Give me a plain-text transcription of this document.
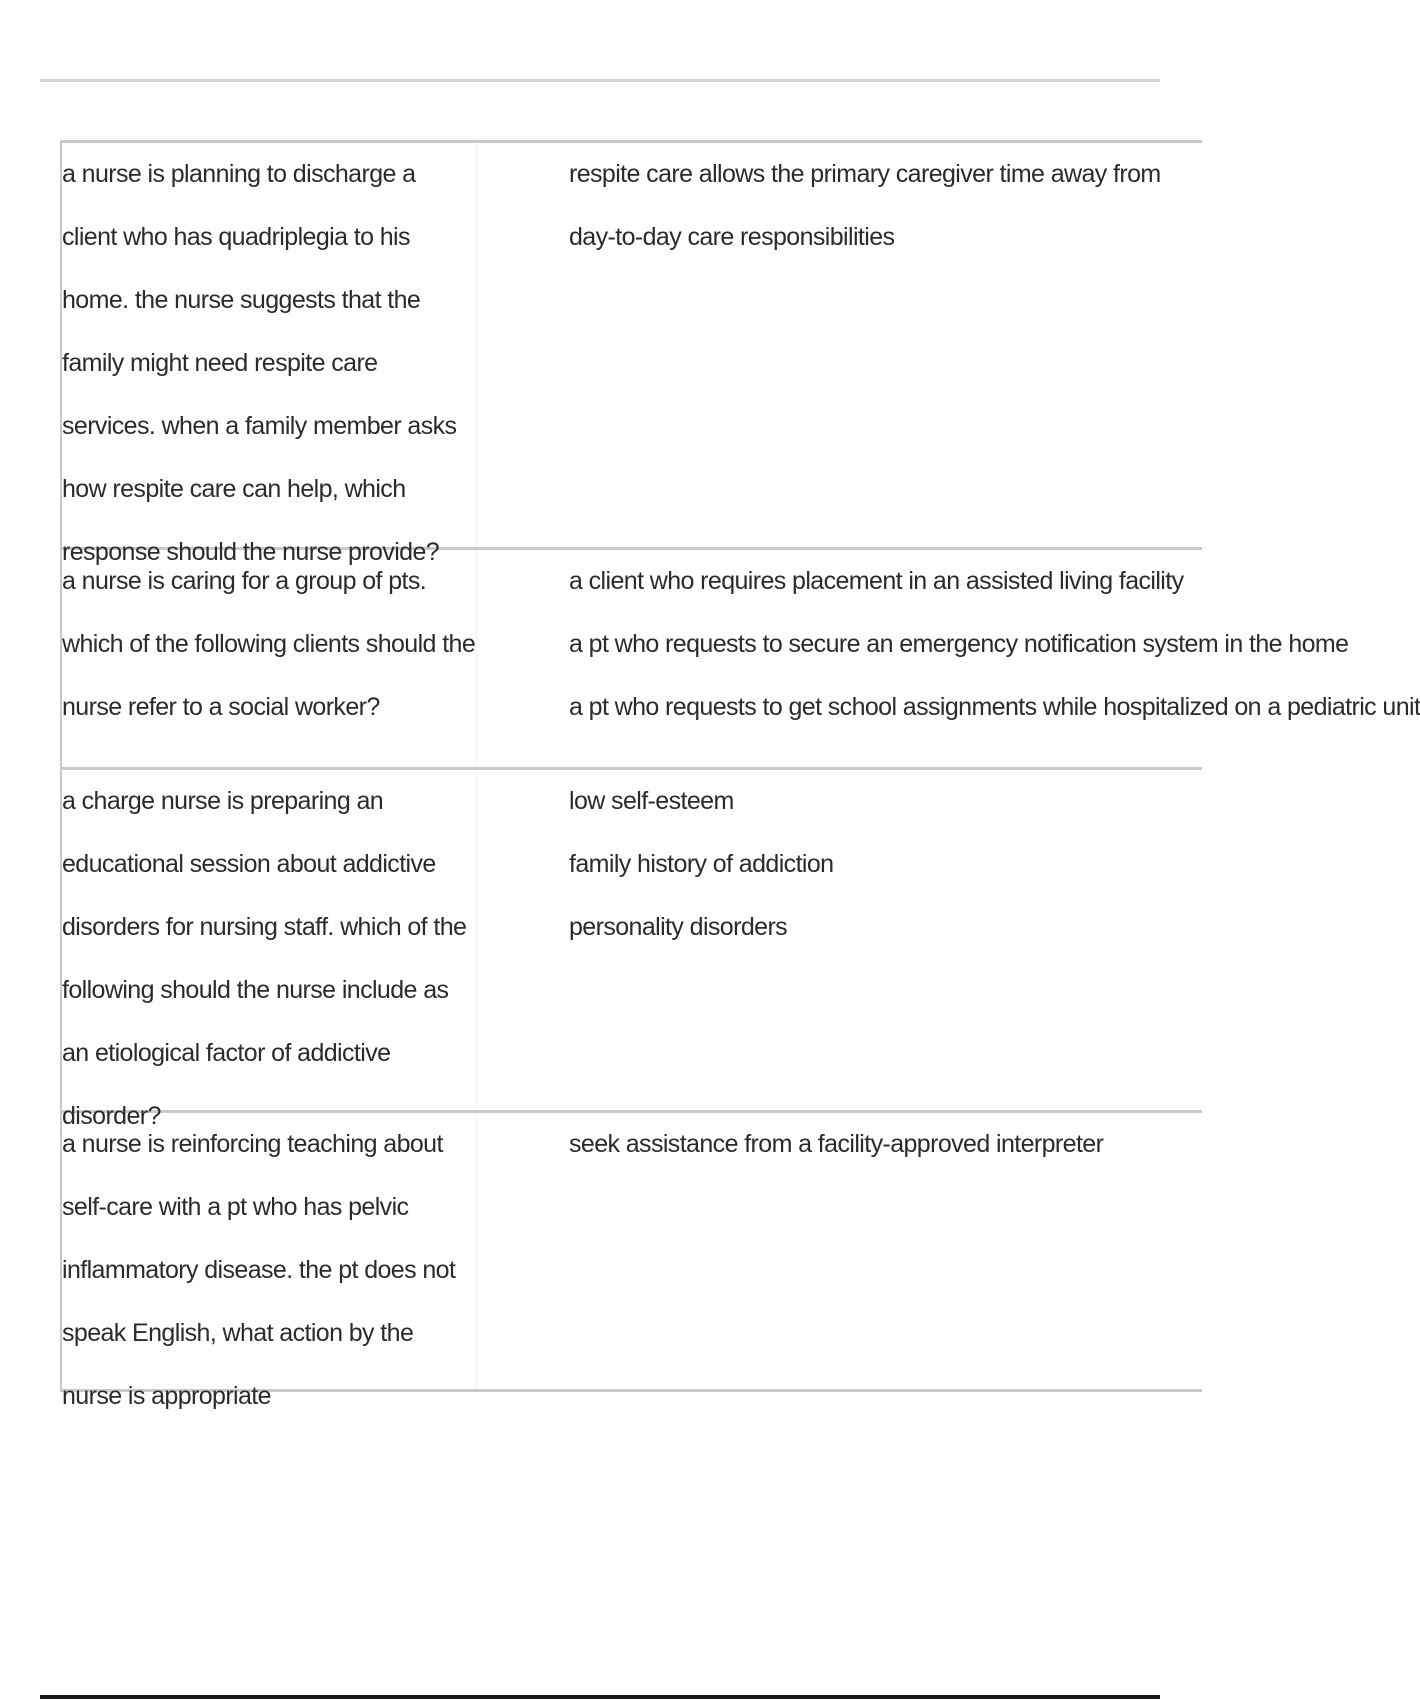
a nurse is planning to discharge a client who has quadriplegia to his home. the nurse suggests that the family might need respite care services. when a family member asks how respite care can help, which response should the nurse provide?
respite care allows the primary caregiver time away from day-to-day care responsibilities
a nurse is caring for a group of pts. which of the following clients should the nurse refer to a social worker?
a client who requires placement in an assisted living facility
a pt who requests to secure an emergency notification system in the home
a pt who requests to get school assignments while hospitalized on a pediatric unit
a charge nurse is preparing an educational session about addictive disorders for nursing staff. which of the following should the nurse include as an etiological factor of addictive disorder?
low self-esteem
family history of addiction
personality disorders
a nurse is reinforcing teaching about self-care with a pt who has pelvic inflammatory disease. the pt does not speak English, what action by the nurse is appropriate
seek assistance from a facility-approved interpreter
